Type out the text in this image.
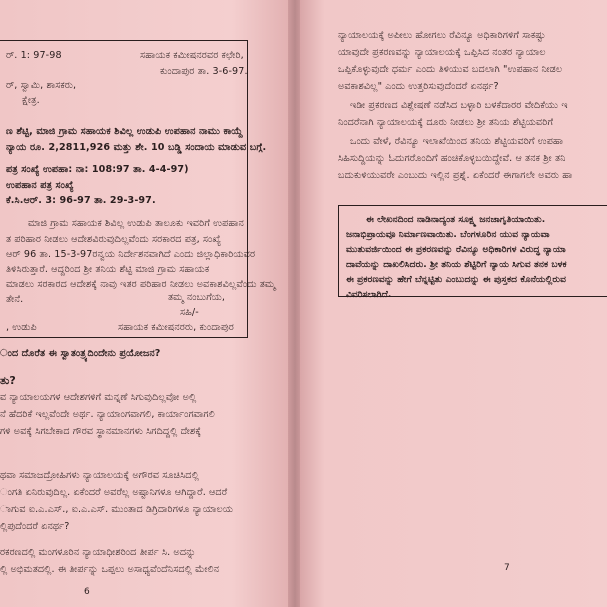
ರ್. 1: 97-98	ಸಹಾಯಕ ಕಮೀಷನರವರ ಕಛೇರಿ,
ಕುಂದಾಪುರ ತಾ. 3-6-97.
ರ್, ಸ್ವಾಮಿ, ಶಾಸಕರು,
ಕ್ಷೇತ್ರ.
ಣ ಶೆಟ್ಟಿ, ಮಾಜಿ ಗ್ರಾಮ ಸಹಾಯಕ ಶಿವಿಲ್ಲ ಉಡುಪಿ ಉಪಹಾನ ನಾಮು ಕಾಯ್ದೆ
ನ್ಯಾಯ ರೂ. 2,2811,926 ಮತ್ತು ಶೇ. 10 ಬಡ್ಡಿ ಸಂದಾಯ ಮಾಡುವ ಬಗ್ಗೆ.
ಪತ್ರ ಸಂಖ್ಯೆ ಉಪಹಾ: ನಾ: 108:97 ತಾ. 4-4-97)
ಉಪಹಾನ ಪತ್ರ ಸಂಖ್ಯೆ
ಕೆ.ಸಿ.ಆರ್. 3: 96-97 ತಾ. 29-3-97.
ಮಾಜಿ ಗ್ರಾಮ ಸಹಾಯಕ ಶಿವಿಲ್ಲ ಉಡುಪಿ ತಾಲೂಕು ಇವರಿಗೆ ಉಪಹಾನ
ತ ಪರಿಹಾರ ನೀಡಲು ಆದೇಶವಿರುವುದಿಲ್ಲವೆಂದು ಸರಕಾರದ ಪತ್ರ, ಸಂಖ್ಯೆ
ಆರ್ 96 ತಾ. 15-3-97ರನ್ವಯ ನಿರ್ದೇಶನವಾಗಿದೆ ಎಂದು ಜಿಲ್ಲಾಧಿಕಾರಿಯವರ
ತಿಳಿಸಿರುತ್ತಾರೆ. ಆದ್ದರಿಂದ ಶ್ರೀ ತನಿಯ ಶೆಟ್ಟಿ ಮಾಜಿ ಗ್ರಾಮ ಸಹಾಯಕ
ಮಾಡಲು ಸರಕಾರದ ಆದೇಶಕ್ಕೆ ನಾವು ಇತರ ಪರಿಹಾರ ನೀಡಲು ಅವಕಾಶವಿಲ್ಲವೆಂದು ತಮ್ಮ
ತೇನೆ.	ತಮ್ಮ ನಂಬುಗೆಯ,
ಸಹಿ/-
, ಉಡುಪಿ	ಸಹಾಯಕ ಕಮೀಷನರರು, ಕುಂದಾಪುರ
ಂದ ದೊರೆತ ಈ ಸ್ವಾತಂತ್ರ್ಯದಿಂದೇನು ಪ್ರಯೋಜನ?
ತು?
ವ ನ್ಯಾಯಾಲಯಗಳ ಆದೇಶಗಳಿಗೆ ಮನ್ನಣೆ ಸಿಗುವುದಿಲ್ಲವೋ ಅಲ್ಲಿ
ನೆ ಹೆದರಿಕೆ ಇಲ್ಲವೆಂದೇ ಅರ್ಥ. ನ್ಯಾಯಾಂಗವಾಗಲಿ, ಕಾರ್ಯಾಂಗವಾಗಲಿ
ಗಳಿ ಅವಕ್ಕೆ ಸಿಗಬೇಕಾದ ಗೌರವ ಸ್ಥಾನಮಾನಗಳು ಸಿಗದಿದ್ದಲ್ಲಿ ದೇಶಕ್ಕೆ
ಥವಾ ಸಮಾಜದ್ರೋಹಿಗಳು ನ್ಯಾಯಾಲಯಕ್ಕೆ ಅಗೌರವ ಸೂಚಿಸಿದಲ್ಲಿ
ಂಗತಿ ಏನಿರುವುದಿಲ್ಲ. ಏಕೆಂದರೆ ಅವರೆಲ್ಲ ಅಷ್ಟಾನಿಗಳೂ ಆಗಿದ್ದಾರೆ. ಆದರೆ
ಾಗುವ ಐ.ಎ.ಎಸ್., ಐ.ಎ.ಎಸ್. ಮುಂತಾದ ಡಿಗ್ರಿದಾರಿಗಳೂ ನ್ಯಾಯಾಲಯ
ಲ್ಲಿಪುದೆಂದರೆ ಏನರ್ಥ?
ರಕರಣದಲ್ಲಿ ಮಂಗಳೂರಿನ ನ್ಯಾಯಾಧೀಶರಿಂದ ತೀರ್ಪ ಸಿ. ಅದನ್ನು
ಲ್ಲಿ ಅಭಿಮತದಲ್ಲಿ. ಈ ತೀರ್ಪನ್ನು ಒಪ್ಪಲು ಅಸಾಧ್ಯವೆಂದೆನಿಸದಲ್ಲಿ ಮೇಲಿನ
6
ನ್ಯಾಯಾಲಯಕ್ಕೆ ಅಪೀಲು ಹೋಗಲು ರೆವಿನ್ಯೂ ಅಧಿಕಾರಿಗಳಿಗೆ ಸಾಕಷ್ಟು
ಯಾವುದೇ ಪ್ರಕರಣವನ್ನು ನ್ಯಾಯಾಲಯಕ್ಕೆ ಒಪ್ಪಿಸಿದ ನಂತರ ನ್ಯಾಯಾಲ
ಒಪ್ಪಿಕೊಳ್ಳುವುದೇ ಧರ್ಮ ಎಂದು ತಿಳಿಯುವ ಬದಲಾಗಿ "ಉಪಹಾನ ನೀಡಲ
ಅವಕಾಶವಿಲ್ಲ" ಎಂದು ಉತ್ತರಿಸುವುದೆಂದರೆ ಏನರ್ಥ?
ಇಡೀ ಪ್ರಕರಣದ ವಿಶ್ಲೇಷಣೆ ನಡೆಸಿದ ಬಳ್ಳಾರಿ ಬಳಕೆದಾರರ ವೇದಿಕೆಯು ಇ
ನಿಂದರೆನಾಗಿ ನ್ಯಾಯಾಲಯಕ್ಕೆ ದೂರು ನೀಡಲು ಶ್ರೀ ತನಿಯ ಶೆಟ್ಟಿಯವರಿಗೆ
ಒಂದು ವೇಳೆ, ರೆವಿನ್ಯೂ ಇಲಾಖೆಯಿಂದ ತನಿಯ ಶೆಟ್ಟಿಯವರಿಗೆ ಉಪಹಾ
ಸಿಹಿಸುದ್ದಿಯನ್ನು ಓದುಗರೊಂದಿಗೆ ಹಂಚಿಕೊಳ್ಳಬಯಿದ್ದೇವೆ. ಆ ತನಕ ಶ್ರೀ ತನಿ
ಬದುಕುಳಿಯುವರೇ ಎಂಬುದು ಇಲ್ಲಿನ ಪ್ರಶ್ನೆ. ಏಕೆಂದರೆ ಈಗಾಗಲೇ ಅವರು ಹಾ
ಈ ಲೇಖನದಿಂದ ನಾಡಿನಾದ್ಯಂತ ಸೂಕ್ಷ್ಮ ಜನಜಾಗೃತಿಯಾಯಿತು.
ಜನಾಭಿಪ್ರಾಯವೂ ನಿರ್ಮಾಣವಾಯಿತು. ಬೆಂಗಳೂರಿನ ಯುವ ನ್ಯಾಯವಾ
ಮುತುವರ್ಜಿಯಿಂದ ಈ ಪ್ರಕರಣವನ್ನು ರೆವಿನ್ಯೂ ಅಧಿಕಾರಿಗಳ ವಿರುದ್ಧ ನ್ಯಾಯಾ
ದಾವೆಯನ್ನು ದಾಖಲಿಸಿದರು. ಶ್ರೀ ತನಿಯ ಶೆಟ್ಟಿರಿಗೆ ನ್ಯಾಯ ಸಿಗುವ ತನಕ ಬಳಕ
ಈ ಪ್ರಕರಣವನ್ನು ಹೇಗೆ ಬೆನ್ನಟ್ಟಿತು ಎಂಬುದನ್ನು ಈ ಪುಸ್ತಕದ ಕೊನೆಯಲ್ಲಿರುವ
ವಿವರಿಸಲಾಗಿದೆ.
7
